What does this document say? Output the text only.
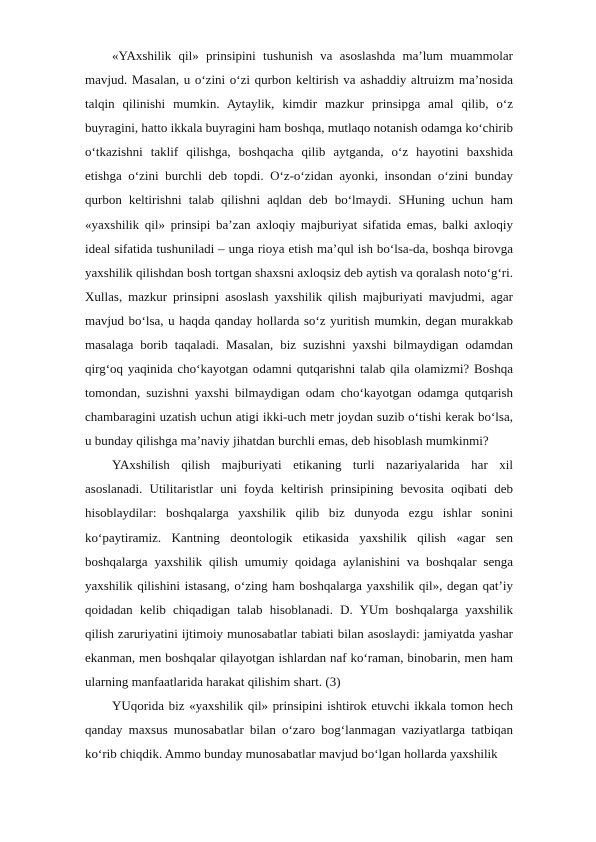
«YAxshilik qil» prinsipini tushunish va asoslashda ma’lum muammolar mavjud. Masalan, u o‘zini o‘zi qurbon keltirish va ashaddiy altruizm ma’nosida talqin qilinishi mumkin. Aytaylik, kimdir mazkur prinsipga amal qilib, o‘z buyragini, hatto ikkala buyragini ham boshqa, mutlaqo notanish odamga ko‘chirib o‘tkazishni taklif qilishga, boshqacha qilib aytganda, o‘z hayotini baxshida etishga o‘zini burchli deb topdi. O‘z-o‘zidan ayonki, insondan o‘zini bunday qurbon keltirishni talab qilishni aqldan deb bo‘lmaydi. SHuning uchun ham «yaxshilik qil» prinsipi ba’zan axloqiy majburiyat sifatida emas, balki axloqiy ideal sifatida tushuniladi – unga rioya etish ma’qul ish bo‘lsa-da, boshqa birovga yaxshilik qilishdan bosh tortgan shaxsni axloqsiz deb aytish va qoralash noto‘g‘ri. Xullas, mazkur prinsipni asoslash yaxshilik qilish majburiyati mavjudmi, agar mavjud bo‘lsa, u haqda qanday hollarda so‘z yuritish mumkin, degan murakkab masalaga borib taqaladi. Masalan, biz suzishni yaxshi bilmaydigan odamdan qirg‘oq yaqinida cho‘kayotgan odamni qutqarishni talab qila olamizmi? Boshqa tomondan, suzishni yaxshi bilmaydigan odam cho‘kayotgan odamga qutqarish chambaragini uzatish uchun atigi ikki-uch metr joydan suzib o‘tishi kerak bo‘lsa, u bunday qilishga ma’naviy jihatdan burchli emas, deb hisoblash mumkinmi?

YAxshilish qilish majburiyati etikaning turli nazariyalarida har xil asoslanadi. Utilitaristlar uni foyda keltirish prinsipining bevosita oqibati deb hisoblaydilar: boshqalarga yaxshilik qilib biz dunyoda ezgu ishlar sonini ko‘paytiramiz. Kantning deontologik etikasida yaxshilik qilish «agar sen boshqalarga yaxshilik qilish umumiy qoidaga aylanishini va boshqalar senga yaxshilik qilishini istasang, o‘zing ham boshqalarga yaxshilik qil», degan qat’iy qoidadan kelib chiqadigan talab hisoblanadi. D. YUm boshqalarga yaxshilik qilish zaruriyatini ijtimoiy munosabatlar tabiati bilan asoslaydi: jamiyatda yashar ekanman, men boshqalar qilayotgan ishlardan naf ko‘raman, binobarin, men ham ularning manfaatlarida harakat qilishim shart. (3)

YUqorida biz «yaxshilik qil» prinsipini ishtirok etuvchi ikkala tomon hech qanday maxsus munosabatlar bilan o‘zaro bog‘lanmagan vaziyatlarga tatbiqan ko‘rib chiqdik. Ammo bunday munosabatlar mavjud bo‘lgan hollarda yaxshilik
